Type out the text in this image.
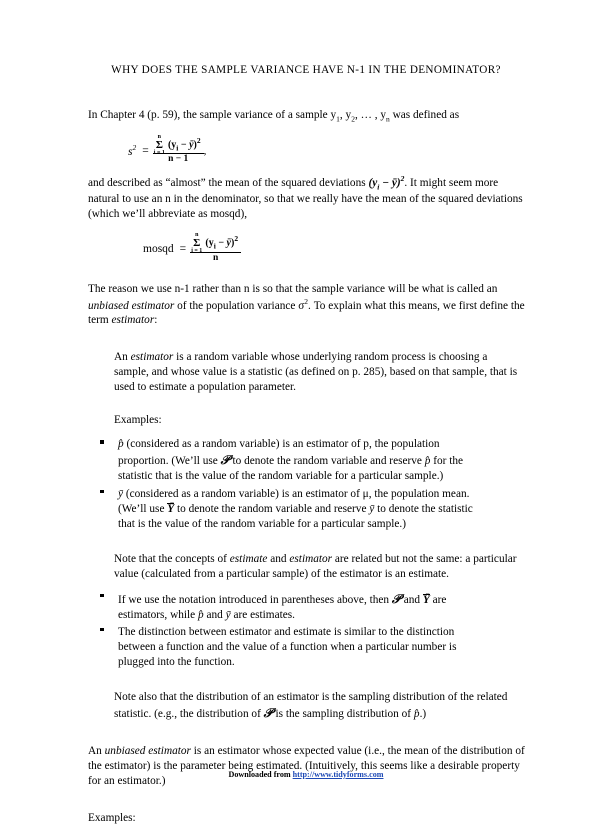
WHY DOES THE SAMPLE VARIANCE HAVE N-1 IN THE DENOMINATOR?

In Chapter 4 (p. 59), the sample variance of a sample $y_1$, $y_2$, … , $y_n$ was defined as

$s^2 = n$
Σ
i = 1
($y_i$ − ȳ)$^2$
n − 1 ,

and described as “almost” the mean of the squared deviations ($y_i$ − ȳ)$^2$. It might seem more natural to use an n in the denominator, so that we really have the mean of the squared deviations (which we’ll abbreviate as mosqd),

mosqd = n
Σ
i = 1
($y_i$ − ȳ)$^2$
n

The reason we use n-1 rather than n is so that the sample variance will be what is called an unbiased estimator of the population variance $\sigma^2$. To explain what this means, we first define the term estimator:

An estimator is a random variable whose underlying random process is choosing a sample, and whose value is a statistic (as defined on p. 285), based on that sample, that is used to estimate a population parameter.

Examples:

p̂ (considered as a random variable) is an estimator of p, the population proportion. (We’ll use 𝒫 to denote the random variable and reserve p̂ for the statistic that is the value of the random variable for a particular sample.)
ȳ (considered as a random variable) is an estimator of μ, the population mean. (We’ll use Ȳ to denote the random variable and reserve ȳ to denote the statistic that is the value of the random variable for a particular sample.)

Note that the concepts of estimate and estimator are related but not the same: a particular value (calculated from a particular sample) of the estimator is an estimate.

If we use the notation introduced in parentheses above, then 𝒫 and Ȳ are estimators, while p̂ and ȳ are estimates.
The distinction between estimator and estimate is similar to the distinction between a function and the value of a function when a particular number is plugged into the function.

Note also that the distribution of an estimator is the sampling distribution of the related statistic. (e.g., the distribution of 𝒫 is the sampling distribution of p̂.)

An unbiased estimator is an estimator whose expected value (i.e., the mean of the distribution of the estimator) is the parameter being estimated. (Intuitively, this seems like a desirable property for an estimator.)

Examples:

Downloaded from http://www.tidyforms.com
